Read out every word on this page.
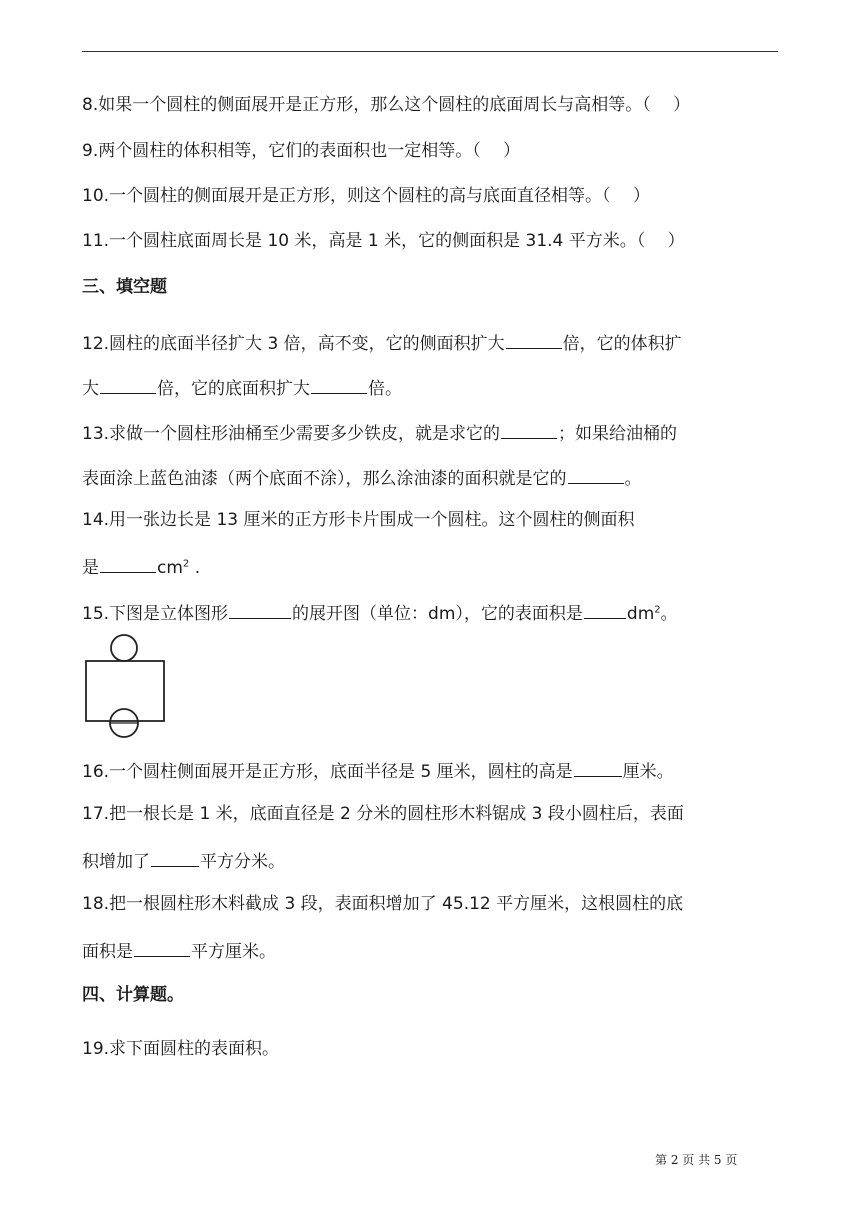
8.如果一个圆柱的侧面展开是正方形，那么这个圆柱的底面周长与高相等。（　 ）
9.两个圆柱的体积相等，它们的表面积也一定相等。（　 ）
10.一个圆柱的侧面展开是正方形，则这个圆柱的高与底面直径相等。（　 ）
11.一个圆柱底面周长是 10 米，高是 1 米，它的侧面积是 31.4 平方米。（　 ）
三、填空题
12.圆柱的底面半径扩大 3 倍，高不变，它的侧面积扩大	倍，它的体积扩
大	倍，它的底面积扩大	倍。
13.求做一个圆柱形油桶至少需要多少铁皮，就是求它的	；如果给油桶的
表面涂上蓝色油漆（两个底面不涂），那么涂油漆的面积就是它的	。
14.用一张边长是 13 厘米的正方形卡片围成一个圆柱。这个圆柱的侧面积
是	$cm^2$ .
15.下图是立体图形	的展开图（单位：dm），它的表面积是	$dm^2$。
16.一个圆柱侧面展开是正方形，底面半径是 5 厘米，圆柱的高是	厘米。
17.把一根长是 1 米，底面直径是 2 分米的圆柱形木料锯成 3 段小圆柱后，表面
积增加了	平方分米。
18.把一根圆柱形木料截成 3 段，表面积增加了 45.12 平方厘米，这根圆柱的底
面积是	平方厘米。
四、计算题。
19.求下面圆柱的表面积。
第 2 页 共 5 页
